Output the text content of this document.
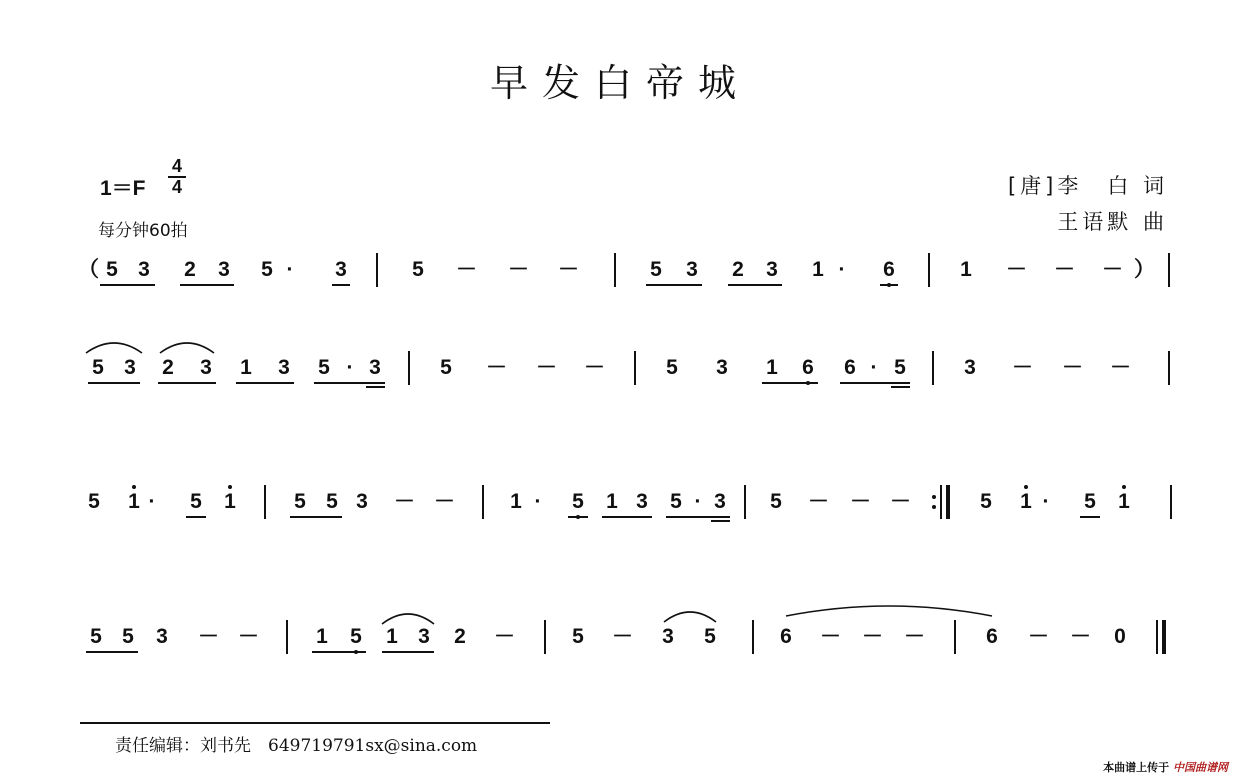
早发白帝城
1＝F
4
4
每分钟60拍
[唐]李　白 词
王语默 曲
（ 5 3 2 3 5 ·	3	5 － － －	5 3 2 3 1 ·	6	1 － － － ）
5 3 2 3 1 3 5 · 3	5 － － －	5 3 1 6 6 · 5	3 － － －
5 1 ·	5 1	5 5 3 － －	1 ·	5 1 3 5 · 3 5 － － －	5 1 ·	5 1
5 5 3 － －	1 5 1 3 2 －	5 － 3 5	6 － － －	6 － － 0
责任编辑：刘书先　649719791sx@sina.com
本曲谱上传于 中国曲谱网
